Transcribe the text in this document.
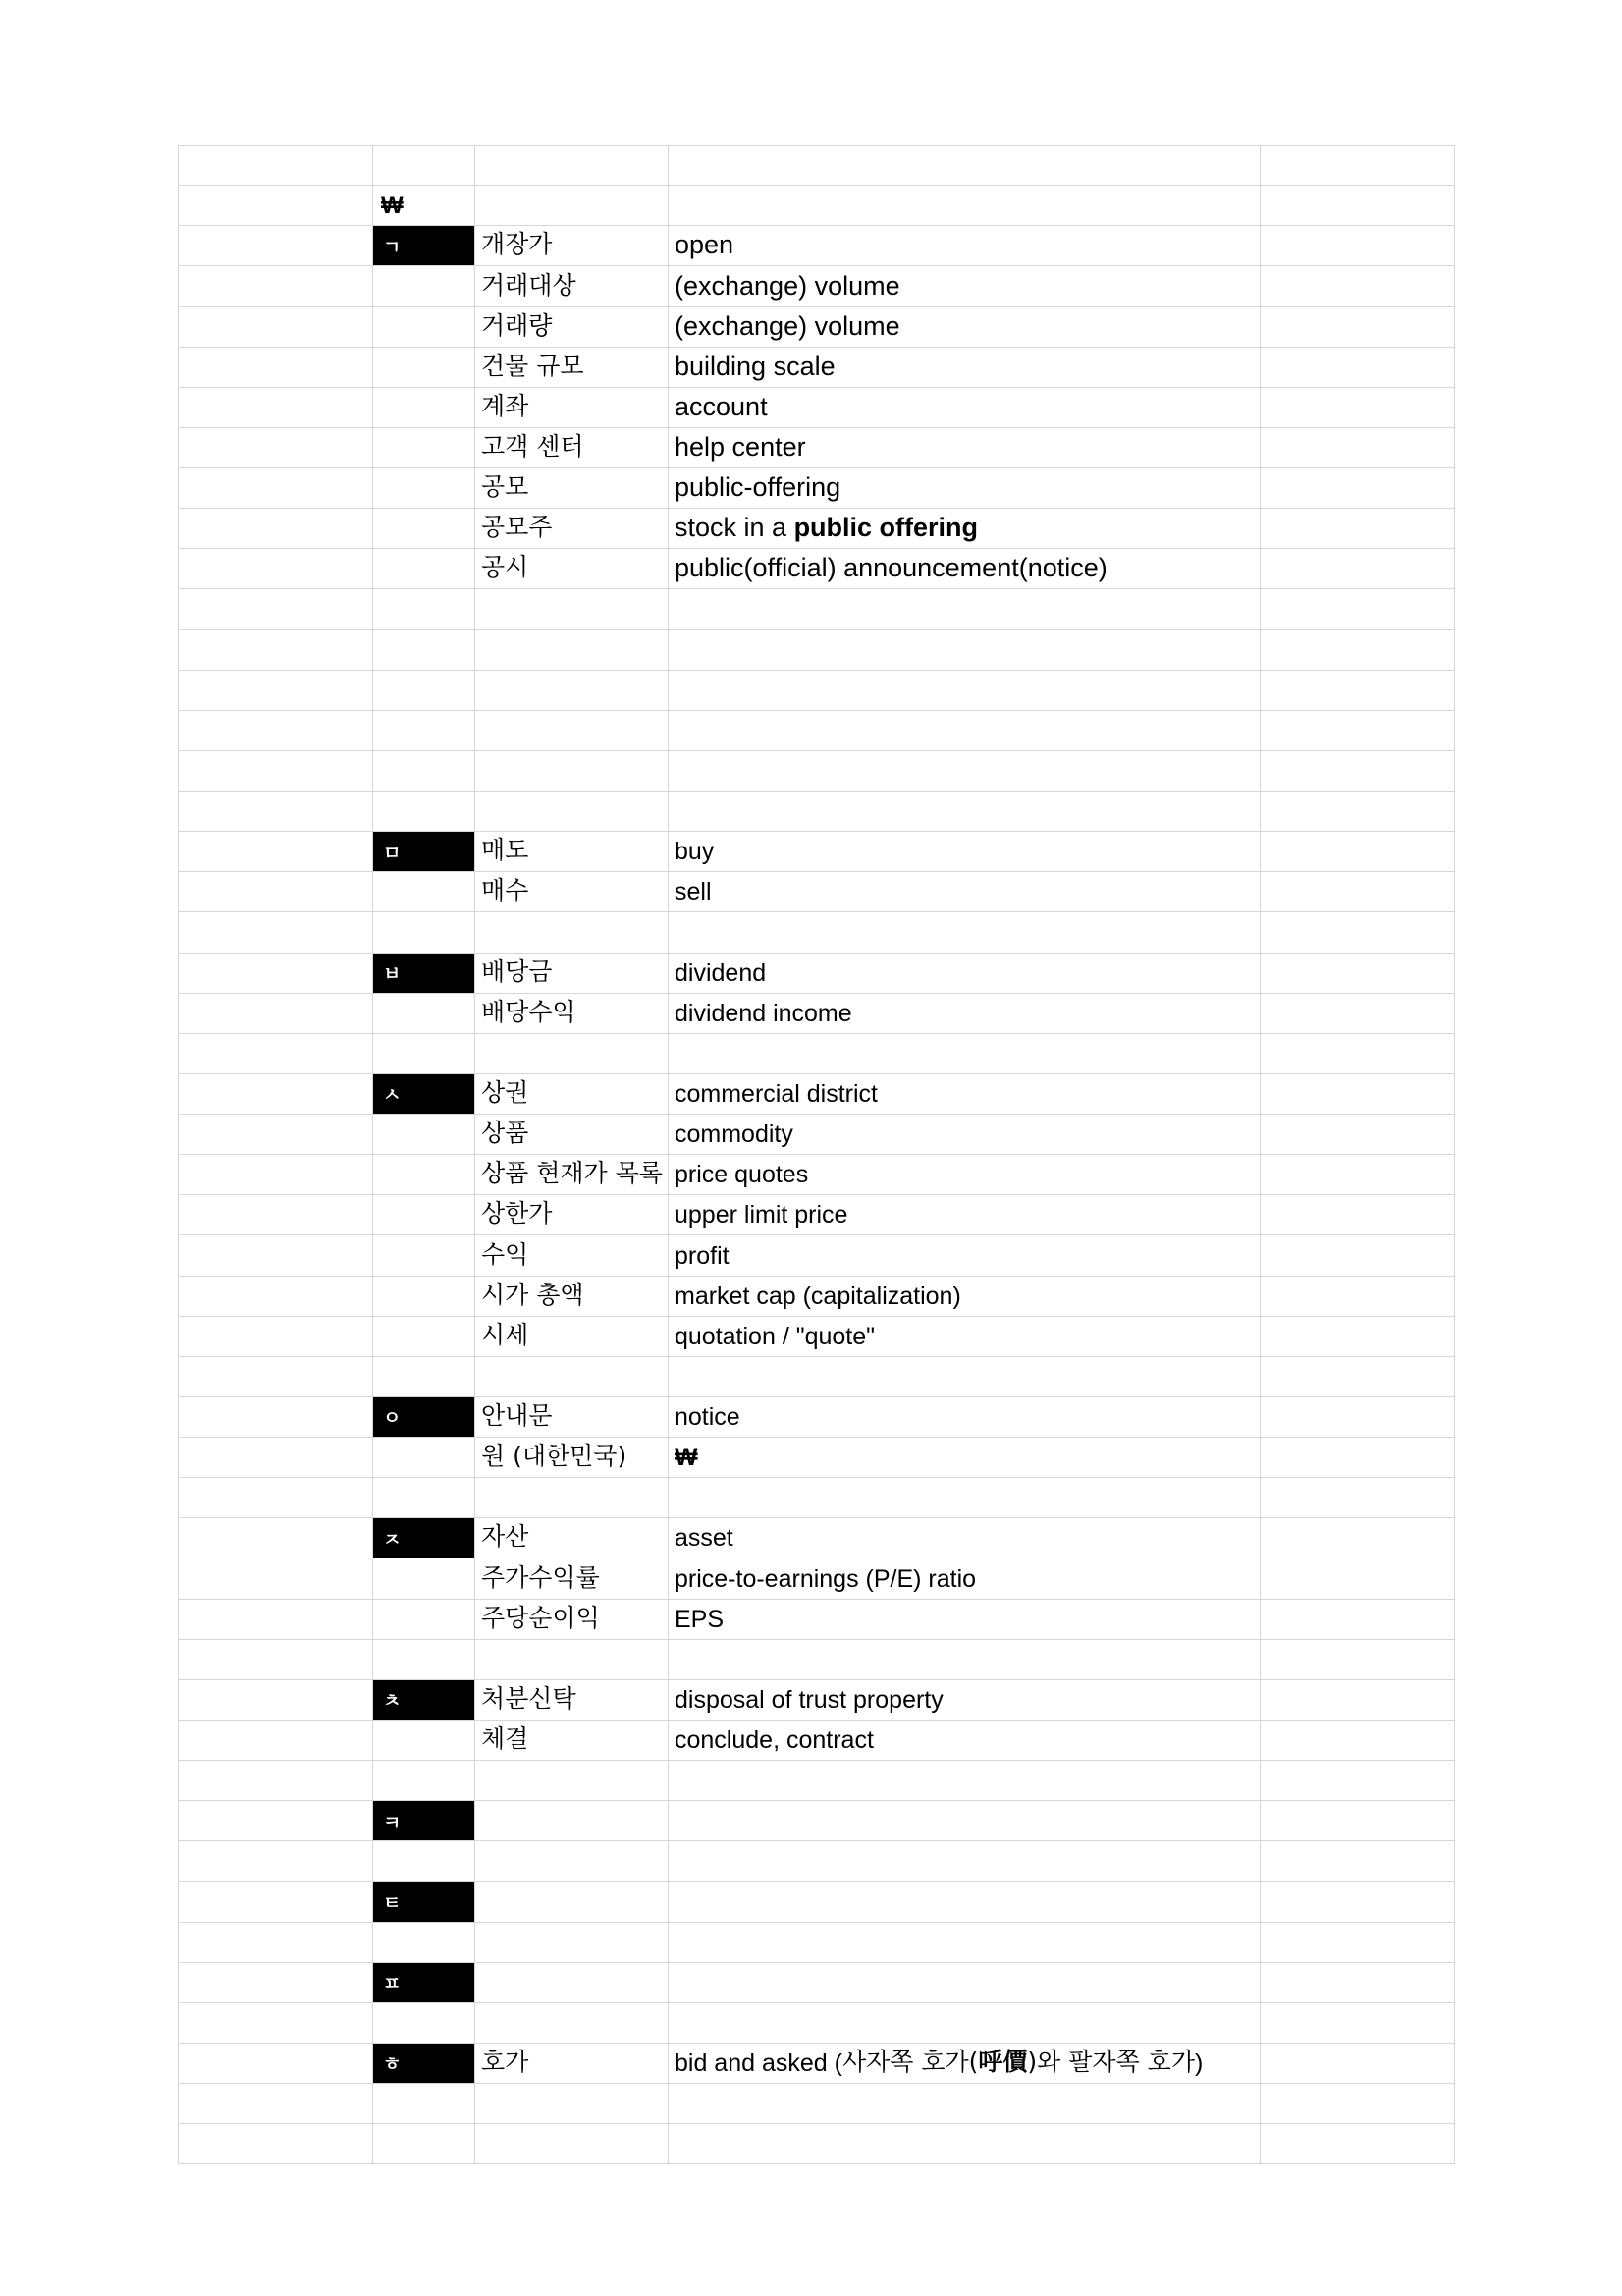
₩
ㄱ	개장가	open
거래대상	(exchange) volume
거래량	(exchange) volume
건물 규모	building scale
계좌	account
고객 센터	help center
공모	public-offering
공모주	stock in a public offering
공시	public(official) announcement(notice)
ㅁ	매도	buy
매수	sell
ㅂ	배당금	dividend
배당수익	dividend income
ㅅ	상권	commercial district
상품	commodity
상품 현재가 목록 price quotes
상한가	upper limit price
수익	profit
시가 총액	market cap (capitalization)
시세	quotation / "quote"
ㅇ	안내문	notice
원 (대한민국) ₩
ㅈ	자산	asset
주가수익률	price-to-earnings (P/E) ratio
주당순이익	EPS
ㅊ	처분신탁	disposal of trust property
체결	conclude, contract
ㅋ
ㅌ
ㅍ
ㅎ	호가	bid and asked ( 사자쪽 호가( 呼價 )와 팔자쪽 호가 )
